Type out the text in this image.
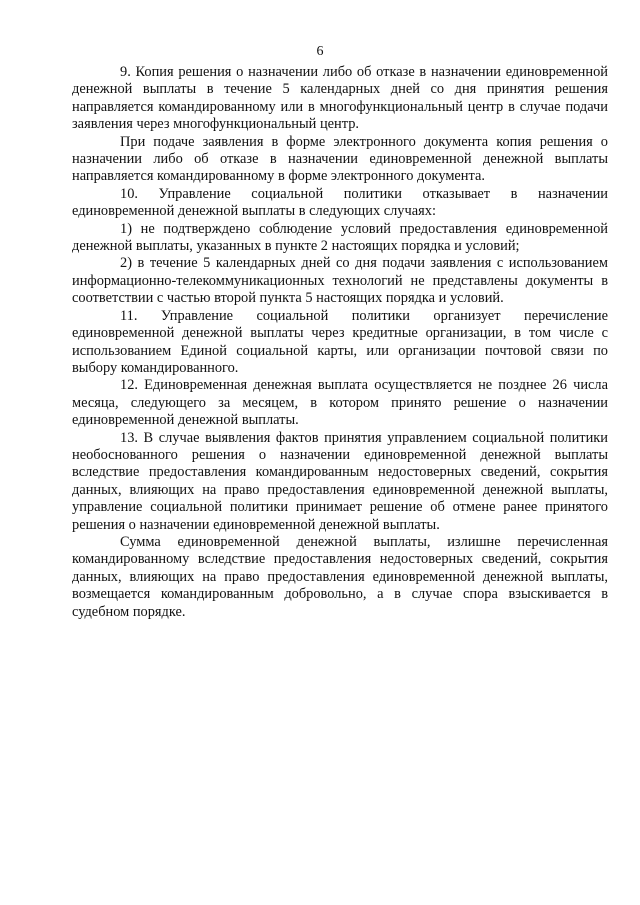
6

9. Копия решения о назначении либо об отказе в назначении единовременной денежной выплаты в течение 5 календарных дней со дня принятия решения направляется командированному или в многофункциональный центр в случае подачи заявления через многофункциональный центр.

При подаче заявления в форме электронного документа копия решения о назначении либо об отказе в назначении единовременной денежной выплаты направляется командированному в форме электронного документа.

10. Управление социальной политики отказывает в назначении единовременной денежной выплаты в следующих случаях:

1) не подтверждено соблюдение условий предоставления единовременной денежной выплаты, указанных в пункте 2 настоящих порядка и условий;

2) в течение 5 календарных дней со дня подачи заявления с использованием информационно-телекоммуникационных технологий не представлены документы в соответствии с частью второй пункта 5 настоящих порядка и условий.

11. Управление социальной политики организует перечисление единовременной денежной выплаты через кредитные организации, в том числе с использованием Единой социальной карты, или организации почтовой связи по выбору командированного.

12. Единовременная денежная выплата осуществляется не позднее 26 числа месяца, следующего за месяцем, в котором принято решение о назначении единовременной денежной выплаты.

13. В случае выявления фактов принятия управлением социальной политики необоснованного решения о назначении единовременной денежной выплаты вследствие предоставления командированным недостоверных сведений, сокрытия данных, влияющих на право предоставления единовременной денежной выплаты, управление социальной политики принимает решение об отмене ранее принятого решения о назначении единовременной денежной выплаты.

Сумма единовременной денежной выплаты, излишне перечисленная командированному вследствие предоставления недостоверных сведений, сокрытия данных, влияющих на право предоставления единовременной денежной выплаты, возмещается командированным добровольно, а в случае спора взыскивается в судебном порядке.
